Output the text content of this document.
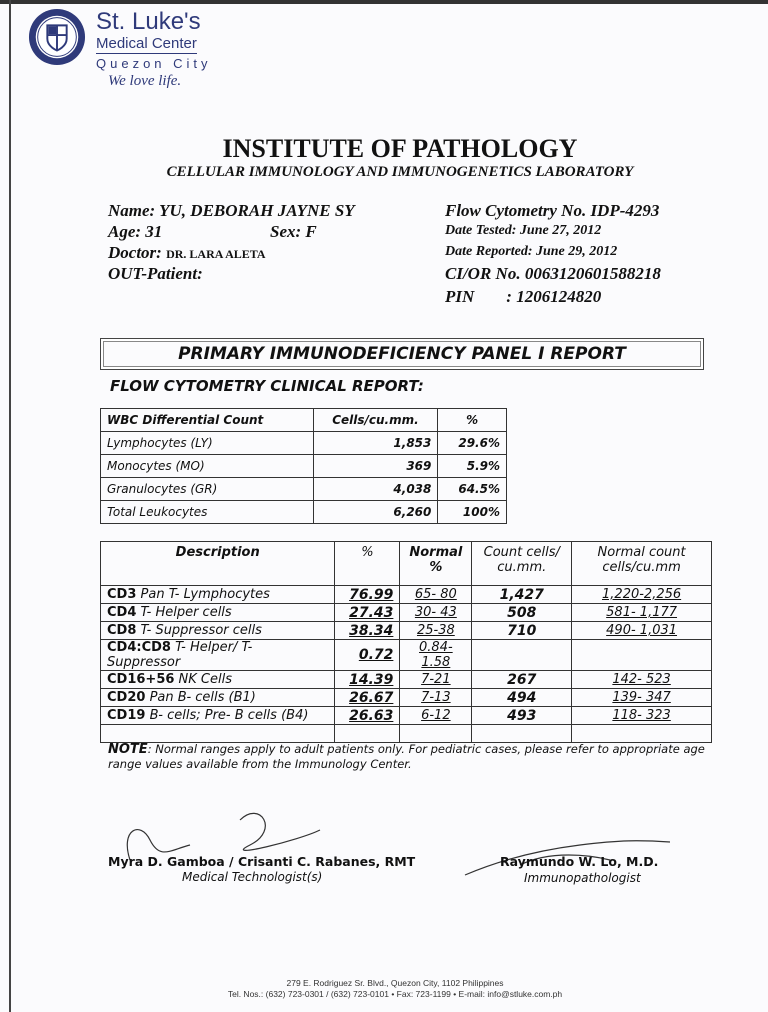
St. Luke's
Medical Center
Quezon City
We love life.
INSTITUTE OF PATHOLOGY
CELLULAR IMMUNOLOGY AND IMMUNOGENETICS LABORATORY
Name: YU, DEBORAH JAYNE SY
Age: 31	Sex: F
Doctor: DR. LARA ALETA
OUT-Patient:
Flow Cytometry No. IDP-4293
Date Tested: June 27, 2012
Date Reported: June 29, 2012
CI/OR No. 0063120601588218
PIN : 1206124820
PRIMARY IMMUNODEFICIENCY PANEL I REPORT
FLOW CYTOMETRY CLINICAL REPORT:
WBC Differential Count	Cells/cu.mm.	%
Lymphocytes (LY)	1,853	29.6%
Monocytes (MO)	369	5.9%
Granulocytes (GR)	4,038	64.5%
Total Leukocytes	6,260	100%
Description	%	Normal %	Count cells/ cu.mm.	Normal count cells/cu.mm
CD3 Pan T- Lymphocytes	76.99	65- 80	1,427	1,220-2,256
CD4 T- Helper cells	27.43	30- 43	508	581- 1,177
CD8 T- Suppressor cells	38.34	25-38	710	490- 1,031
CD4:CD8 T- Helper/ T- Suppressor	0.72	0.84-1.58		
CD16+56 NK Cells	14.39	7-21	267	142- 523
CD20 Pan B- cells (B1)	26.67	7-13	494	139- 347
CD19 B- cells; Pre- B cells (B4)	26.63	6-12	493	118- 323

NOTE: Normal ranges apply to adult patients only. For pediatric cases, please refer to appropriate age range values available from the Immunology Center.
Myra D. Gamboa / Crisanti C. Rabanes, RMT
Medical Technologist(s)
Raymundo W. Lo, M.D.
Immunopathologist
279 E. Rodriguez Sr. Blvd., Quezon City, 1102 Philippines
Tel. Nos.: (632) 723-0301 / (632) 723-0101 • Fax: 723-1199 • E-mail: info@stluke.com.ph
